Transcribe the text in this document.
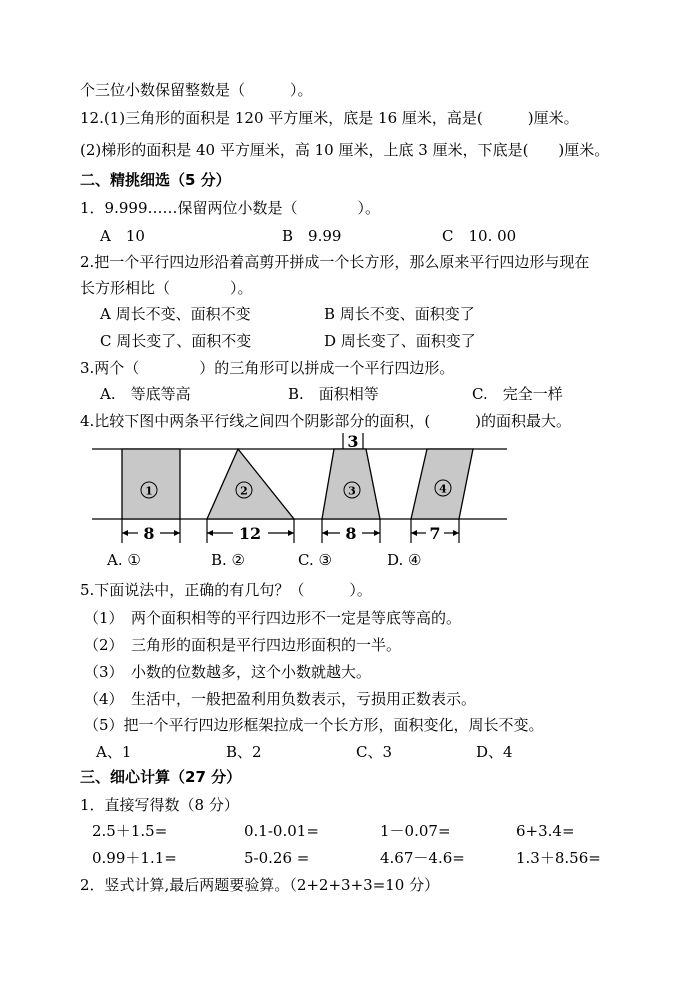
个三位小数保留整数是（　　　）。
12.(1)三角形的面积是 120 平方厘米，底是 16 厘米，高是(　　　)厘米。
(2)梯形的面积是 40 平方厘米，高 10 厘米，上底 3 厘米，下底是(　　)厘米。
二、精挑细选（5 分）
1．9.999……保留两位小数是（　　　　）。
A　10	B　9.99	C　10. 00
2.把一个平行四边形沿着高剪开拼成一个长方形，那么原来平行四边形与现在
长方形相比（　　　　）。
A 周长不变、面积不变	B 周长不变、面积变了
C 周长变了、面积不变	D 周长变了、面积变了
3.两个（　　　　）的三角形可以拼成一个平行四边形。
A.　等底等高	B.　面积相等	C.　完全一样
4.比较下图中两条平行线之间四个阴影部分的面积，(　　　)的面积最大。
1	2	3	4
3
8	12	8	7
A. ①	B. ②	C. ③	D. ④
5.下面说法中，正确的有几句？（　　　）。
（1）　两个面积相等的平行四边形不一定是等底等高的。
（2）　三角形的面积是平行四边形面积的一半。
（3）　小数的位数越多，这个小数就越大。
（4）　生活中，一般把盈利用负数表示，亏损用正数表示。
（5）把一个平行四边形框架拉成一个长方形，面积变化，周长不变。
A、1	B、2	C、3	D、4
三、细心计算（27 分）
1．直接写得数（8 分）
2.5＋1.5=	0.1-0.01=	1－0.07=	6+3.4=
0.99＋1.1=	5-0.26 =	4.67－4.6=	1.3＋8.56=
2．竖式计算,最后两题要验算。（2+2+3+3=10 分）
